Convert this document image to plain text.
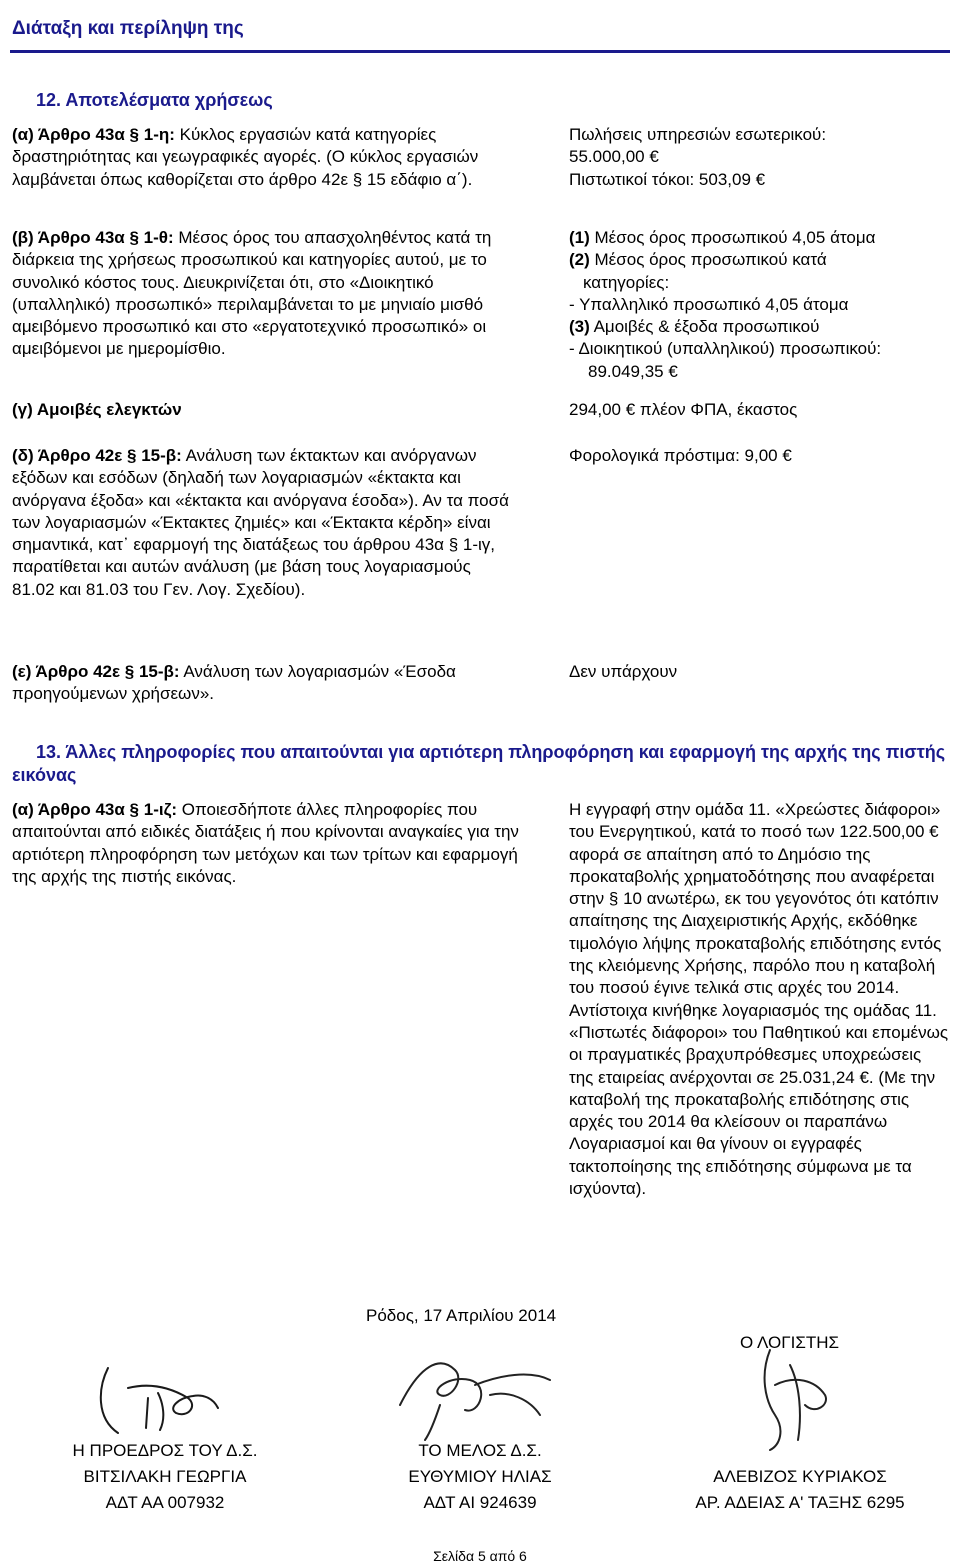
Διάταξη και περίληψη της
12. Αποτελέσματα χρήσεως
(α) Άρθρο 43α § 1-η: Κύκλος εργασιών κατά κατηγορίες δραστηριότητας και γεωγραφικές αγορές. (Ο κύκλος εργασιών λαμβάνεται όπως καθορίζεται στο άρθρο 42ε § 15 εδάφιο α΄).
Πωλήσεις υπηρεσιών εσωτερικού:
55.000,00 €
Πιστωτικοί τόκοι: 503,09 €
(β) Άρθρο 43α § 1-θ: Μέσος όρος του απασχοληθέντος κατά τη διάρκεια της χρήσεως προσωπικού και κατηγορίες αυτού, με το συνολικό κόστος τους. Διευκρινίζεται ότι, στο «Διοικητικό (υπαλληλικό) προσωπικό» περιλαμβάνεται το με μηνιαίο μισθό αμειβόμενο προσωπικό και στο «εργατοτεχνικό προσωπικό» οι αμειβόμενοι με ημερομίσθιο.
(1) Μέσος όρος προσωπικού 4,05 άτομα
(2) Μέσος όρος προσωπικού κατά
κατηγορίες:
- Υπαλληλικό προσωπικό 4,05 άτομα
(3) Αμοιβές & έξοδα προσωπικού
- Διοικητικού (υπαλληλικού) προσωπικού:
89.049,35 €
(γ) Αμοιβές ελεγκτών	294,00 € πλέον ΦΠΑ, έκαστος
(δ) Άρθρο 42ε § 15-β: Ανάλυση των έκτακτων και ανόργανων εξόδων και εσόδων (δηλαδή των λογαριασμών «έκτακτα και ανόργανα έξοδα» και «έκτακτα και ανόργανα έσοδα»). Αν τα ποσά των λογαριασμών «Έκτακτες ζημιές» και «Έκτακτα κέρδη» είναι σημαντικά, κατ᾽ εφαρμογή της διατάξεως του άρθρου 43α § 1-ιγ, παρατίθεται και αυτών ανάλυση (με βάση τους λογαριασμούς 81.02 και 81.03 του Γεν. Λογ. Σχεδίου).
Φορολογικά πρόστιμα: 9,00 €
(ε) Άρθρο 42ε § 15-β: Ανάλυση των λογαριασμών «Έσοδα προηγούμενων χρήσεων».
Δεν υπάρχουν
13. Άλλες πληροφορίες που απαιτούνται για αρτιότερη πληροφόρηση και εφαρμογή της αρχής της πιστής εικόνας
(α) Άρθρο 43α § 1-ιζ: Οποιεσδήποτε άλλες πληροφορίες που απαιτούνται από ειδικές διατάξεις ή που κρίνονται αναγκαίες για την αρτιότερη πληροφόρηση των μετόχων και των τρίτων και εφαρμογή της αρχής της πιστής εικόνας.
Η εγγραφή στην ομάδα 11. «Χρεώστες διάφοροι» του Ενεργητικού, κατά το ποσό των 122.500,00 € αφορά σε απαίτηση από το Δημόσιο της προκαταβολής χρηματοδότησης που αναφέρεται στην § 10 ανωτέρω, εκ του γεγονότος ότι κατόπιν απαίτησης της Διαχειριστικής Αρχής, εκδόθηκε τιμολόγιο λήψης προκαταβολής επιδότησης εντός της κλειόμενης Χρήσης, παρόλο που η καταβολή του ποσού έγινε τελικά στις αρχές του 2014. Αντίστοιχα κινήθηκε λογαριασμός της ομάδας 11. «Πιστωτές διάφοροι» του Παθητικού και επομένως οι πραγματικές βραχυπρόθεσμες υποχρεώσεις της εταιρείας ανέρχονται σε 25.031,24 €. (Με την καταβολή της προκαταβολής επιδότησης στις αρχές του 2014 θα κλείσουν οι παραπάνω Λογαριασμοί και θα γίνουν οι εγγραφές τακτοποίησης της επιδότησης σύμφωνα με τα ισχύοντα).
Ρόδος, 17 Απριλίου 2014
Ο ΛΟΓΙΣΤΗΣ
Η ΠΡΟΕΔΡΟΣ ΤΟΥ Δ.Σ.
ΒΙΤΣΙΛΑΚΗ ΓΕΩΡΓΙΑ
ΑΔΤ ΑΑ 007932
ΤΟ ΜΕΛΟΣ Δ.Σ.
ΕΥΘΥΜΙΟΥ ΗΛΙΑΣ
ΑΔΤ ΑΙ 924639
ΑΛΕΒΙΖΟΣ ΚΥΡΙΑΚΟΣ
ΑΡ. ΑΔΕΙΑΣ Α' ΤΑΞΗΣ 6295
Σελίδα 5 από 6
